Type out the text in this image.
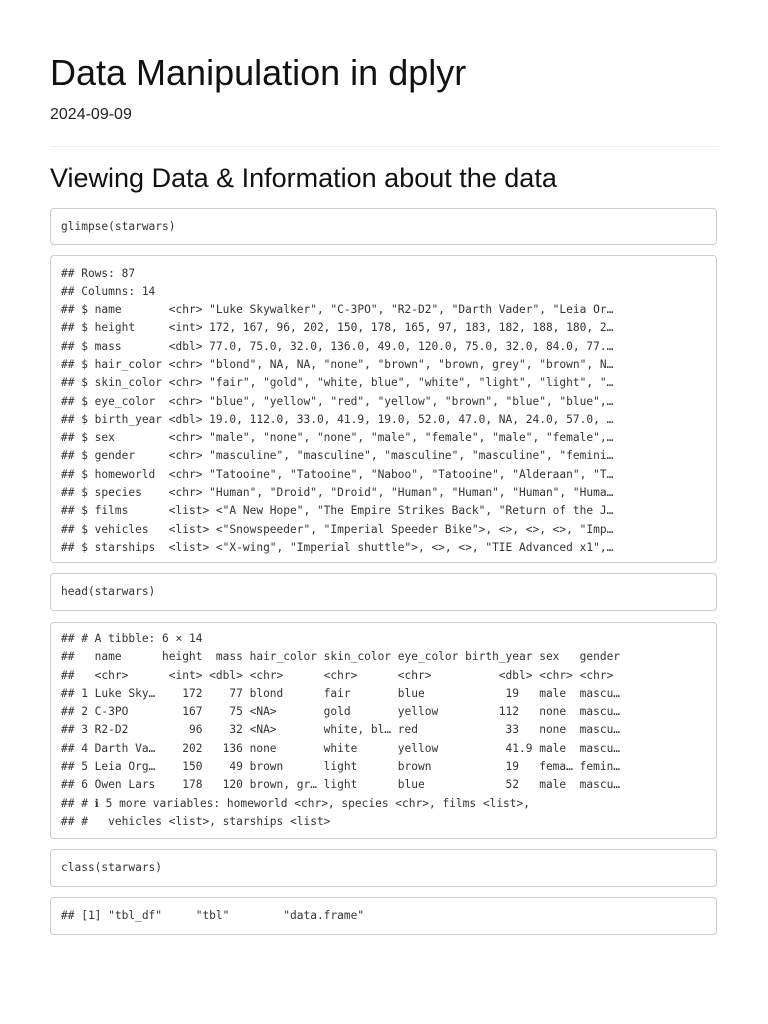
Data Manipulation in dplyr
2024-09-09
Viewing Data & Information about the data
glimpse(starwars)
## Rows: 87
## Columns: 14
## $ name       <chr> "Luke Skywalker", "C-3PO", "R2-D2", "Darth Vader", "Leia Or…
## $ height     <int> 172, 167, 96, 202, 150, 178, 165, 97, 183, 182, 188, 180, 2…
## $ mass       <dbl> 77.0, 75.0, 32.0, 136.0, 49.0, 120.0, 75.0, 32.0, 84.0, 77.…
## $ hair_color <chr> "blond", NA, NA, "none", "brown", "brown, grey", "brown", N…
## $ skin_color <chr> "fair", "gold", "white, blue", "white", "light", "light", "…
## $ eye_color  <chr> "blue", "yellow", "red", "yellow", "brown", "blue", "blue",…
## $ birth_year <dbl> 19.0, 112.0, 33.0, 41.9, 19.0, 52.0, 47.0, NA, 24.0, 57.0, …
## $ sex        <chr> "male", "none", "none", "male", "female", "male", "female",…
## $ gender     <chr> "masculine", "masculine", "masculine", "masculine", "femini…
## $ homeworld  <chr> "Tatooine", "Tatooine", "Naboo", "Tatooine", "Alderaan", "T…
## $ species    <chr> "Human", "Droid", "Droid", "Human", "Human", "Human", "Huma…
## $ films      <list> <"A New Hope", "The Empire Strikes Back", "Return of the J…
## $ vehicles   <list> <"Snowspeeder", "Imperial Speeder Bike">, <>, <>, <>, "Imp…
## $ starships  <list> <"X-wing", "Imperial shuttle">, <>, <>, "TIE Advanced x1",…
head(starwars)
## # A tibble: 6 × 14
##   name      height  mass hair_color skin_color eye_color birth_year sex   gender
##   <chr>      <int> <dbl> <chr>      <chr>      <chr>          <dbl> <chr> <chr>
## 1 Luke Sky…    172    77 blond      fair       blue            19   male  mascu…
## 2 C-3PO        167    75 <NA>       gold       yellow         112   none  mascu…
## 3 R2-D2         96    32 <NA>       white, bl… red             33   none  mascu…
## 4 Darth Va…    202   136 none       white      yellow          41.9 male  mascu…
## 5 Leia Org…    150    49 brown      light      brown           19   fema… femin…
## 6 Owen Lars    178   120 brown, gr… light      blue            52   male  mascu…
## # ℹ 5 more variables: homeworld <chr>, species <chr>, films <list>,
## #   vehicles <list>, starships <list>
class(starwars)
## [1] "tbl_df"     "tbl"        "data.frame"
